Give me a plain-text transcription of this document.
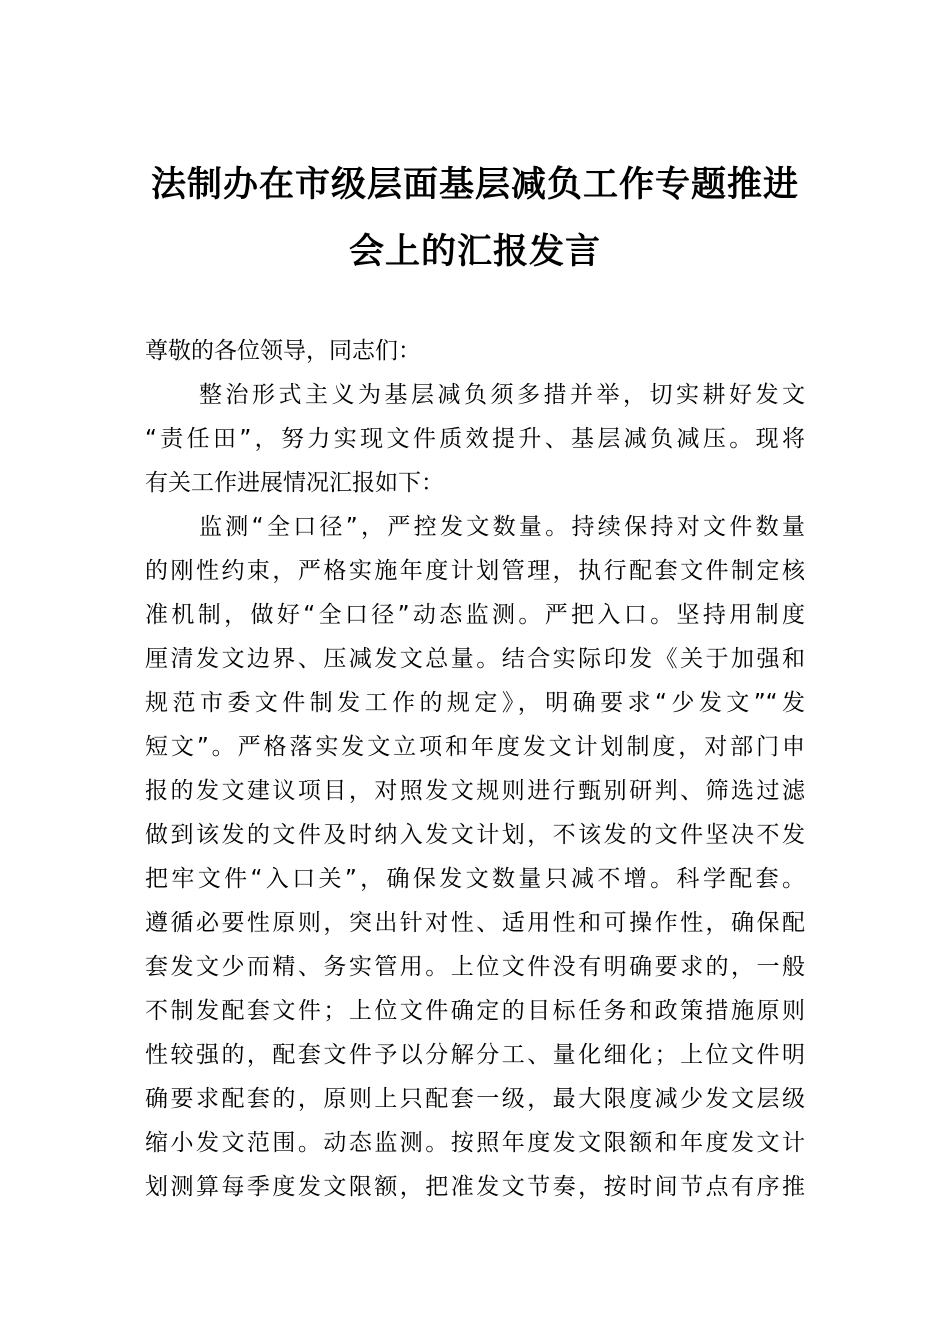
法制办在市级层面基层减负工作专题推进
会上的汇报发言
尊敬的各位领导，同志们：
整治形式主义为基层减负须多措并举，切实耕好发文
“责任田”，努力实现文件质效提升、基层减负减压。现将
有关工作进展情况汇报如下：
监测“全口径”，严控发文数量。持续保持对文件数量
的刚性约束，严格实施年度计划管理，执行配套文件制定核
准机制，做好“全口径”动态监测。严把入口。坚持用制度
厘清发文边界、压减发文总量。结合实际印发《关于加强和
规范市委文件制发工作的规定》，明确要求“少发文”“发
短文”。严格落实发文立项和年度发文计划制度，对部门申
报的发文建议项目，对照发文规则进行甄别研判、筛选过滤
做到该发的文件及时纳入发文计划，不该发的文件坚决不发
把牢文件“入口关”，确保发文数量只减不增。科学配套。
遵循必要性原则，突出针对性、适用性和可操作性，确保配
套发文少而精、务实管用。上位文件没有明确要求的，一般
不制发配套文件；上位文件确定的目标任务和政策措施原则
性较强的，配套文件予以分解分工、量化细化；上位文件明
确要求配套的，原则上只配套一级，最大限度减少发文层级
缩小发文范围。动态监测。按照年度发文限额和年度发文计
划测算每季度发文限额，把准发文节奏，按时间节点有序推
